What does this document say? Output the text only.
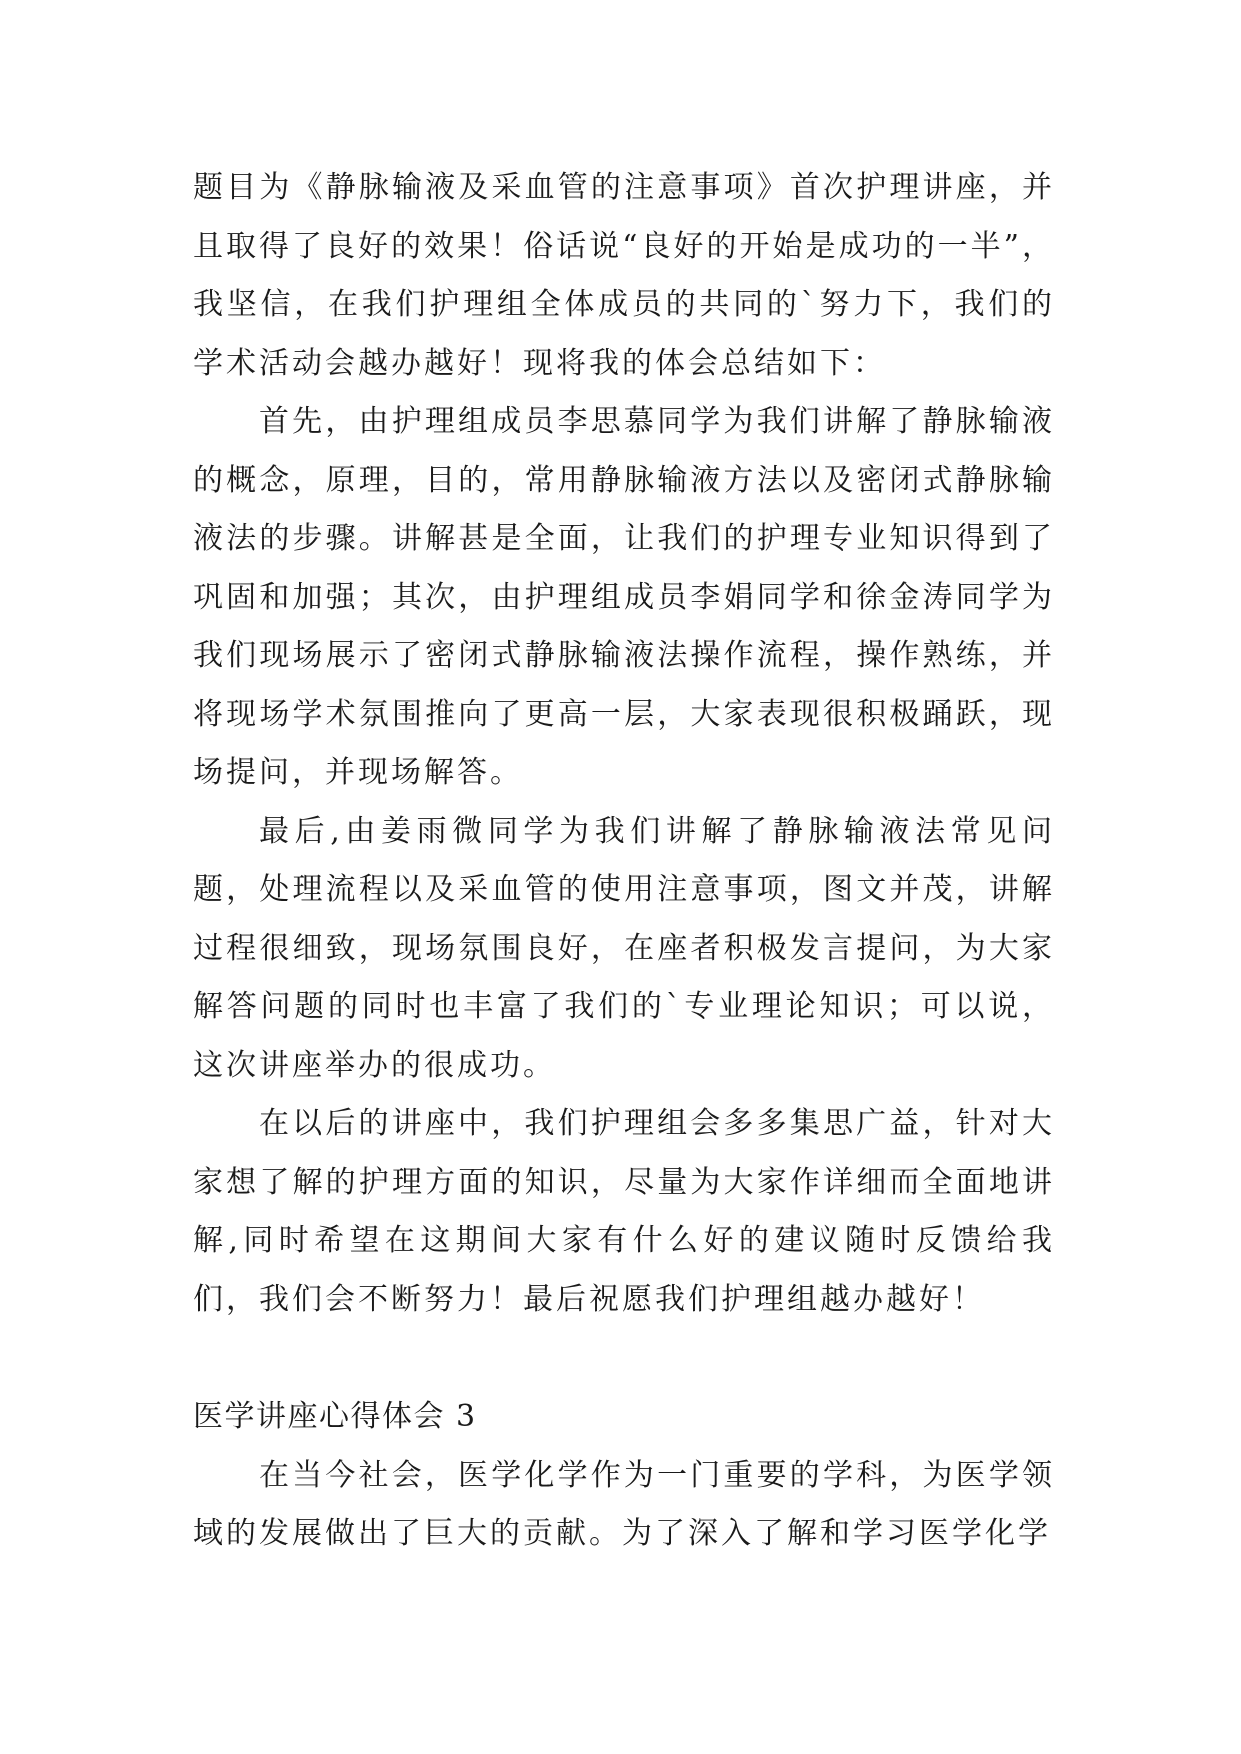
题目为《静脉输液及采血管的注意事项》首次护理讲座，并且取得了良好的效果！俗话说“良好的开始是成功的一半”，我坚信，在我们护理组全体成员的共同的`努力下，我们的学术活动会越办越好！现将我的体会总结如下：

首先，由护理组成员李思慕同学为我们讲解了静脉输液的概念，原理，目的，常用静脉输液方法以及密闭式静脉输液法的步骤。讲解甚是全面，让我们的护理专业知识得到了巩固和加强；其次，由护理组成员李娟同学和徐金涛同学为我们现场展示了密闭式静脉输液法操作流程，操作熟练，并将现场学术氛围推向了更高一层，大家表现很积极踊跃，现场提问，并现场解答。

最后,由姜雨微同学为我们讲解了静脉输液法常见问题，处理流程以及采血管的使用注意事项，图文并茂，讲解过程很细致，现场氛围良好，在座者积极发言提问，为大家解答问题的同时也丰富了我们的`专业理论知识；可以说，这次讲座举办的很成功。

在以后的讲座中，我们护理组会多多集思广益，针对大家想了解的护理方面的知识，尽量为大家作详细而全面地讲解,同时希望在这期间大家有什么好的建议随时反馈给我们，我们会不断努力！最后祝愿我们护理组越办越好！

医学讲座心得体会 3

在当今社会，医学化学作为一门重要的学科，为医学领域的发展做出了巨大的贡献。为了深入了解和学习医学化学
